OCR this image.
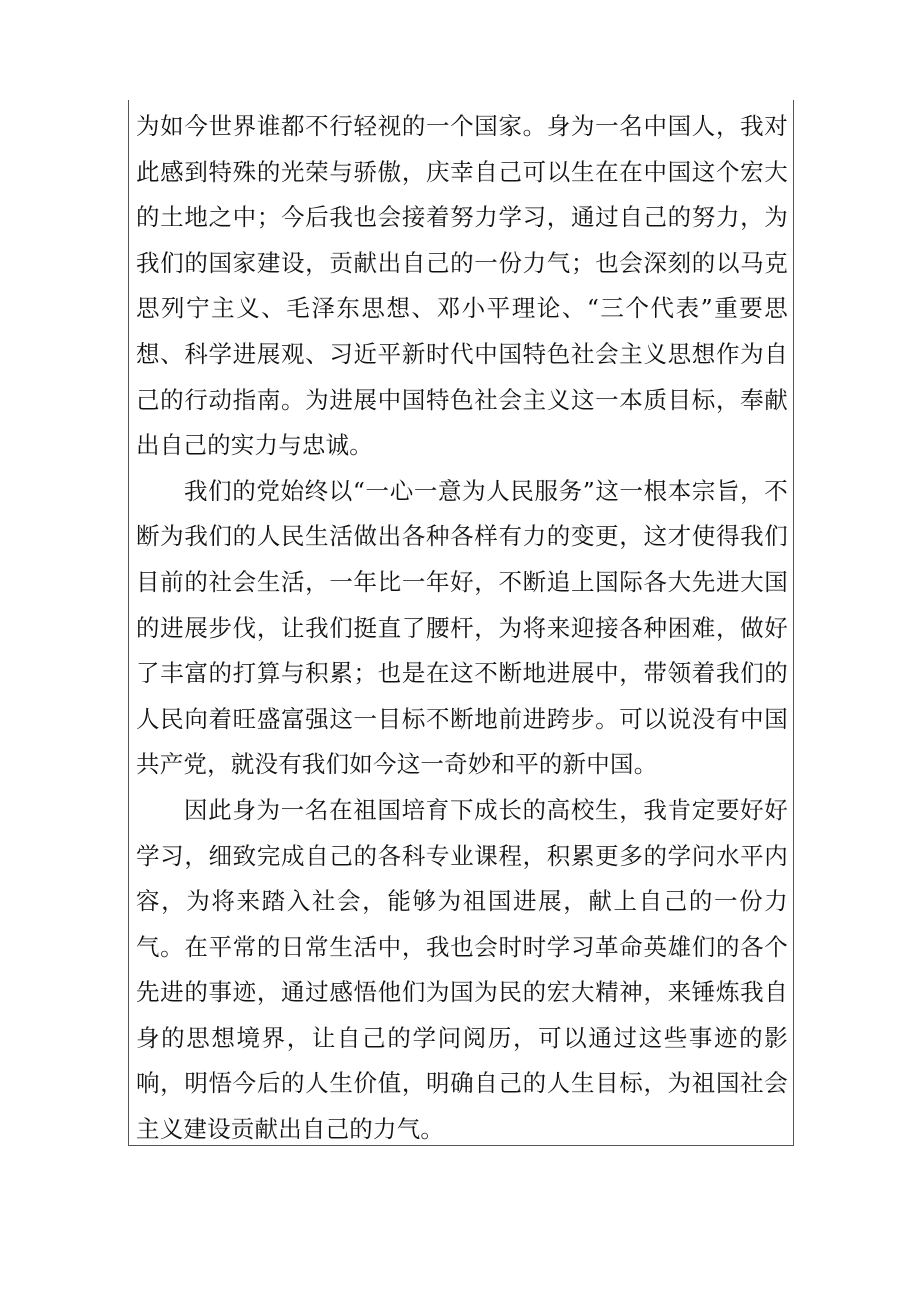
为如今世界谁都不行轻视的一个国家。身为一名中国人，我对此感到特殊的光荣与骄傲，庆幸自己可以生在在中国这个宏大的土地之中；今后我也会接着努力学习，通过自己的努力，为我们的国家建设，贡献出自己的一份力气；也会深刻的以马克思列宁主义、毛泽东思想、邓小平理论、“三个代表”重要思想、科学进展观、习近平新时代中国特色社会主义思想作为自己的行动指南。为进展中国特色社会主义这一本质目标，奉献出自己的实力与忠诚。

我们的党始终以“一心一意为人民服务”这一根本宗旨，不断为我们的人民生活做出各种各样有力的变更，这才使得我们目前的社会生活，一年比一年好，不断追上国际各大先进大国的进展步伐，让我们挺直了腰杆，为将来迎接各种困难，做好了丰富的打算与积累；也是在这不断地进展中，带领着我们的人民向着旺盛富强这一目标不断地前进跨步。可以说没有中国共产党，就没有我们如今这一奇妙和平的新中国。

因此身为一名在祖国培育下成长的高校生，我肯定要好好学习，细致完成自己的各科专业课程，积累更多的学问水平内容，为将来踏入社会，能够为祖国进展，献上自己的一份力气。在平常的日常生活中，我也会时时学习革命英雄们的各个先进的事迹，通过感悟他们为国为民的宏大精神，来锤炼我自身的思想境界，让自己的学问阅历，可以通过这些事迹的影响，明悟今后的人生价值，明确自己的人生目标，为祖国社会主义建设贡献出自己的力气。
